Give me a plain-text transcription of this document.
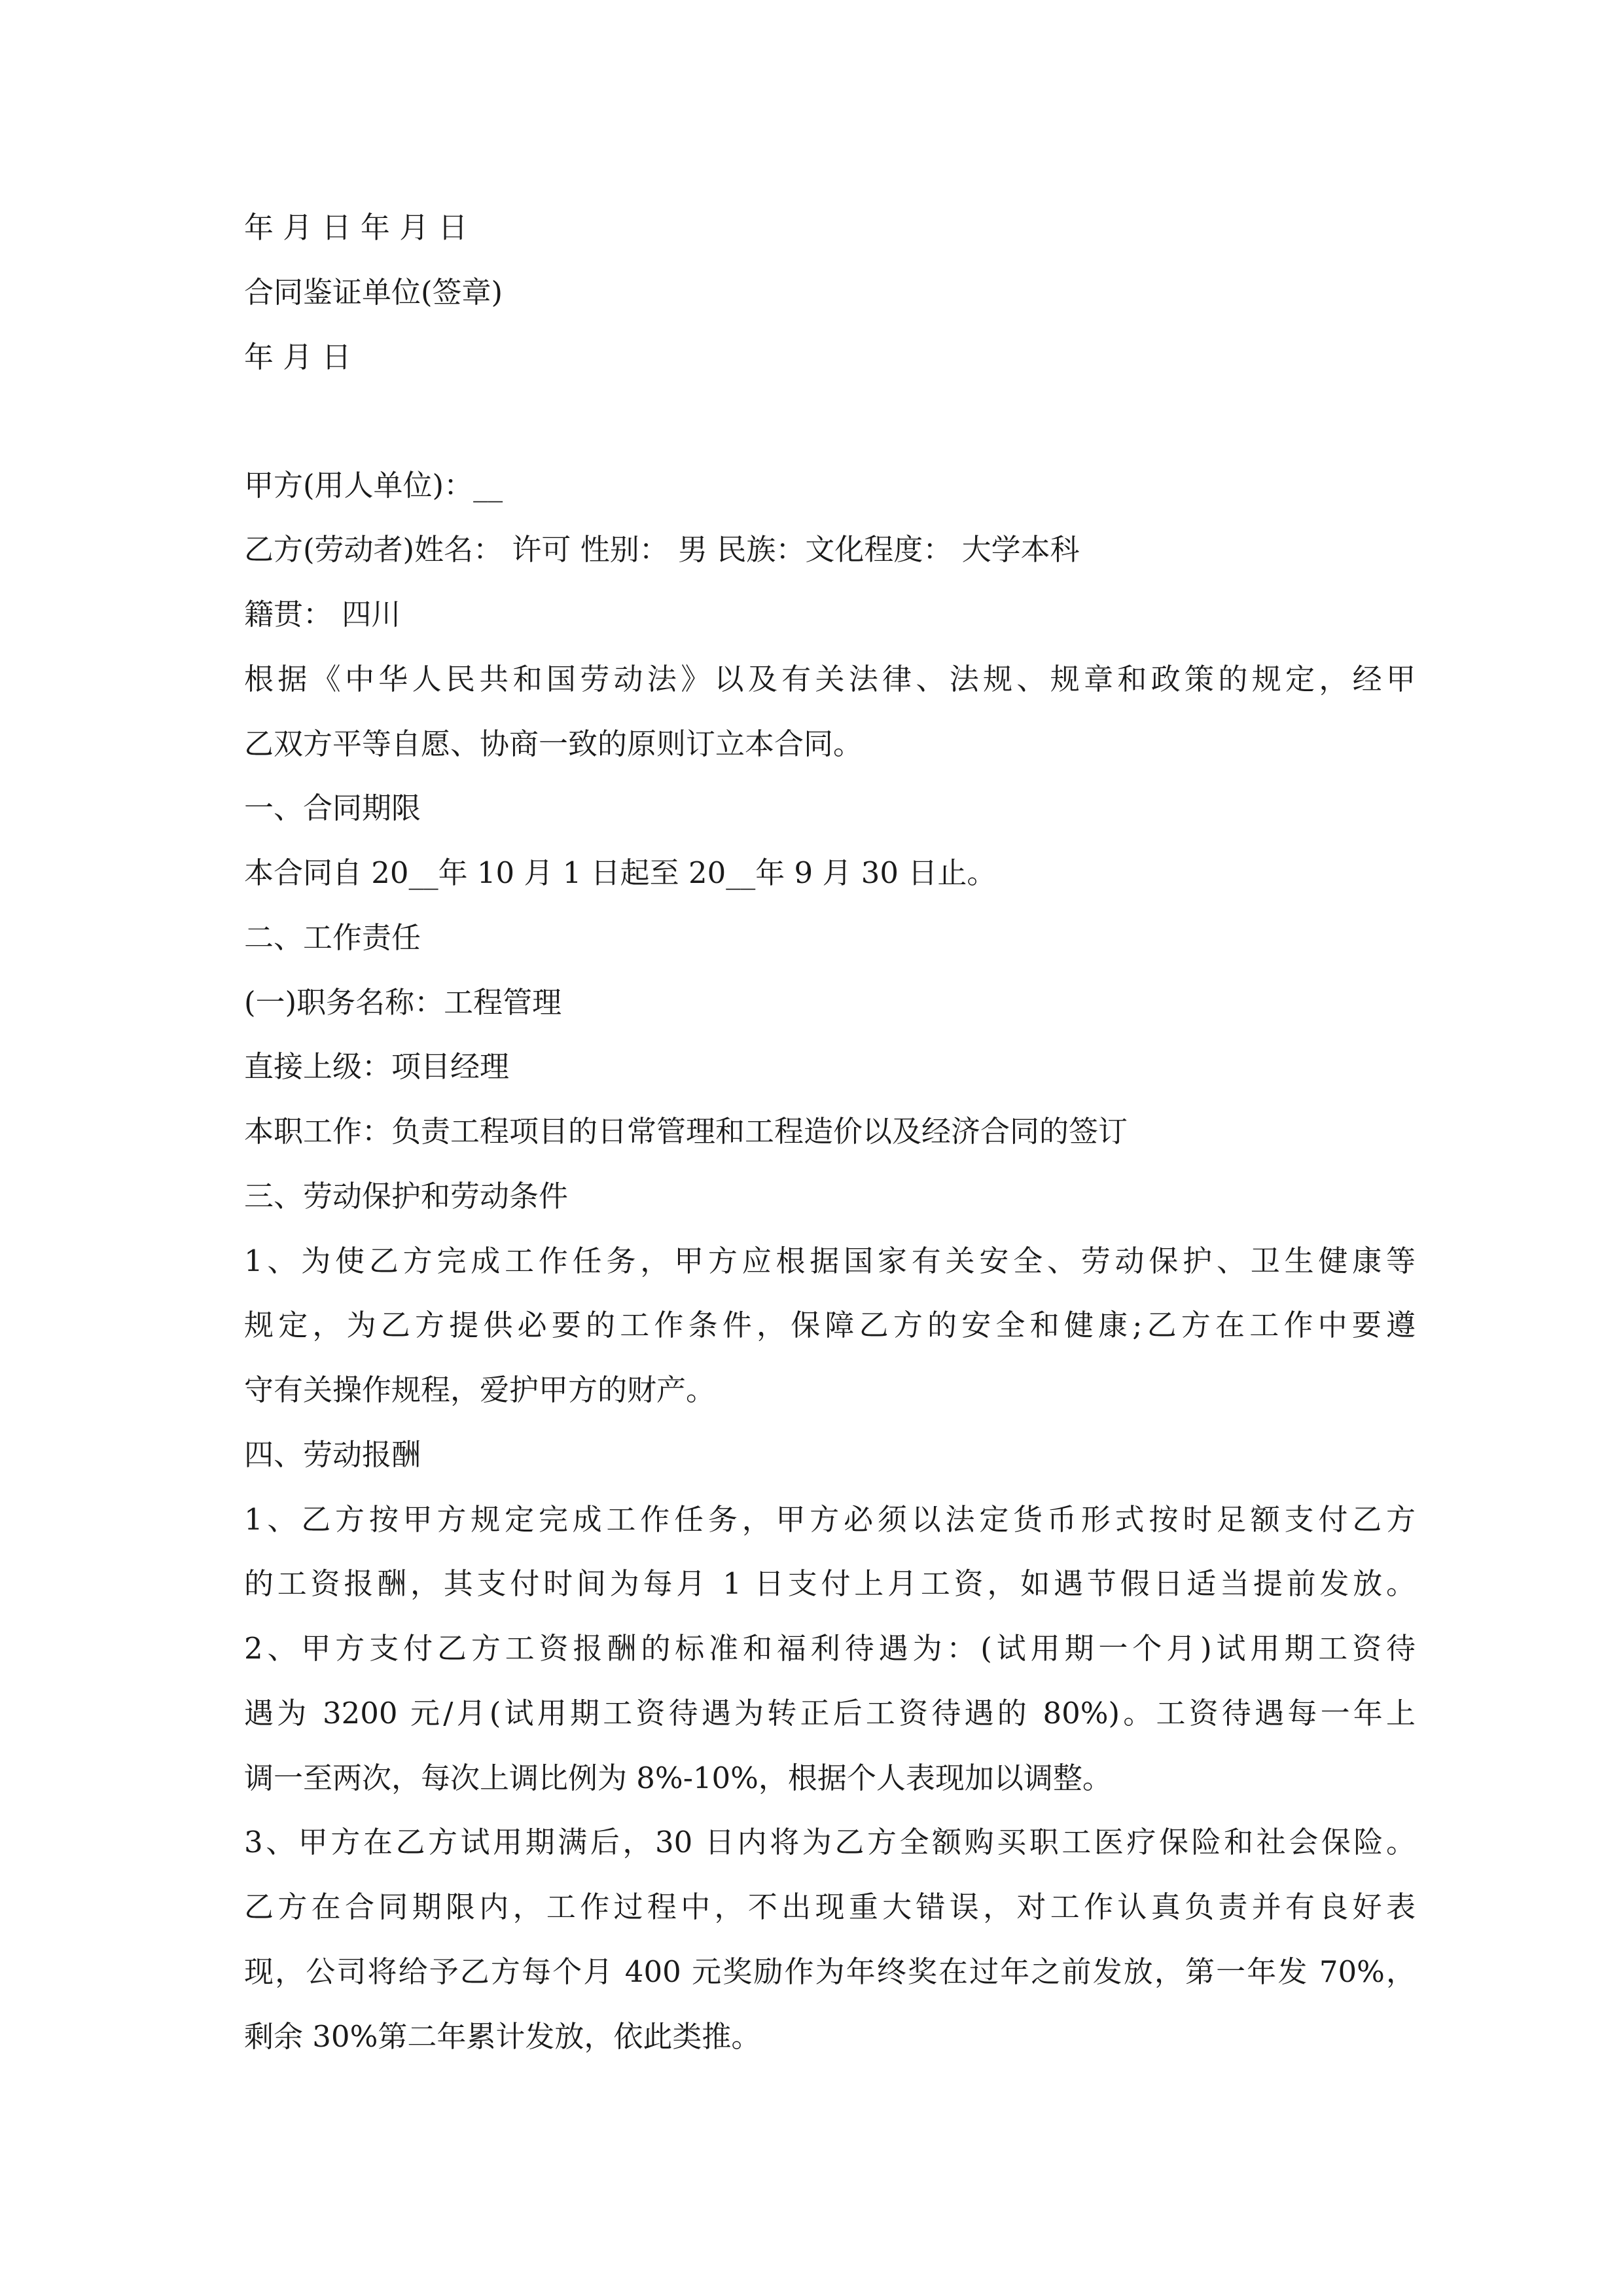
年 月 日 年 月 日
合同鉴证单位(签章)
年 月 日
甲方(用人单位)：__
乙方(劳动者)姓名： 许可 性别： 男 民族：文化程度： 大学本科
籍贯： 四川
根据《中华人民共和国劳动法》以及有关法律、法规、规章和政策的规定，经甲
乙双方平等自愿、协商一致的原则订立本合同。
一、合同期限
本合同自 20__年 10 月 1 日起至 20__年 9 月 30 日止。
二、工作责任
(一)职务名称：工程管理
直接上级：项目经理
本职工作：负责工程项目的日常管理和工程造价以及经济合同的签订
三、劳动保护和劳动条件
1、为使乙方完成工作任务，甲方应根据国家有关安全、劳动保护、卫生健康等
规定，为乙方提供必要的工作条件，保障乙方的安全和健康;乙方在工作中要遵
守有关操作规程，爱护甲方的财产。
四、劳动报酬
1、乙方按甲方规定完成工作任务，甲方必须以法定货币形式按时足额支付乙方
的工资报酬，其支付时间为每月 1 日支付上月工资，如遇节假日适当提前发放。
2、甲方支付乙方工资报酬的标准和福利待遇为：(试用期一个月)试用期工资待
遇为 3200 元/月(试用期工资待遇为转正后工资待遇的 80%)。工资待遇每一年上
调一至两次，每次上调比例为 8%-10%，根据个人表现加以调整。
3、甲方在乙方试用期满后，30 日内将为乙方全额购买职工医疗保险和社会保险。
乙方在合同期限内，工作过程中，不出现重大错误，对工作认真负责并有良好表
现，公司将给予乙方每个月 400 元奖励作为年终奖在过年之前发放，第一年发 70%，
剩余 30%第二年累计发放，依此类推。
